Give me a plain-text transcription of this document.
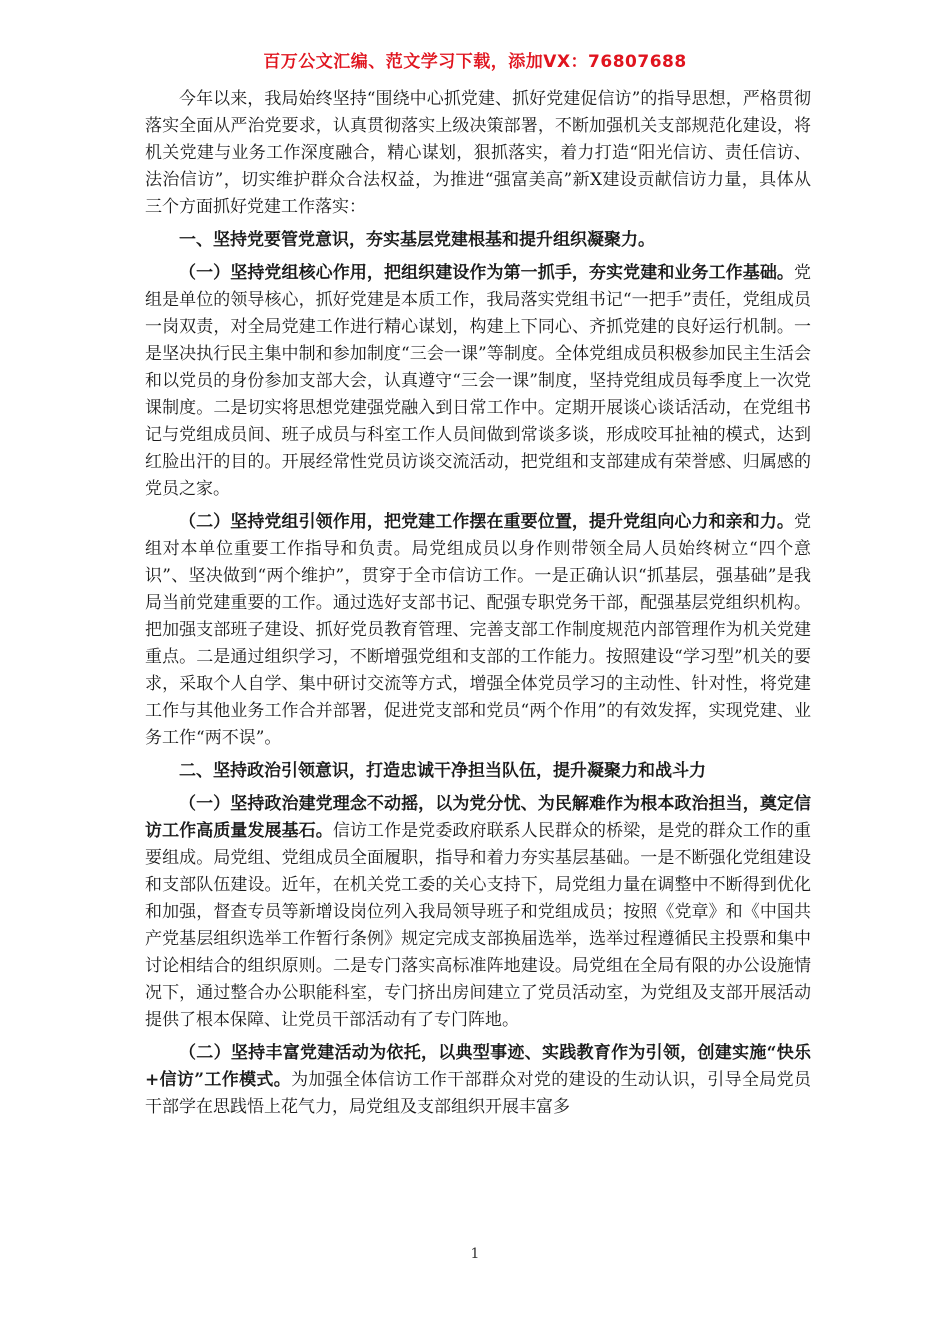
百万公文汇编、范文学习下载，添加VX：76807688

今年以来，我局始终坚持“围绕中心抓党建、抓好党建促信访”的指导思想，严格贯彻落实全面从严治党要求，认真贯彻落实上级决策部署，不断加强机关支部规范化建设，将机关党建与业务工作深度融合，精心谋划，狠抓落实，着力打造“阳光信访、责任信访、法治信访”，切实维护群众合法权益，为推进“强富美高”新X建设贡献信访力量，具体从三个方面抓好党建工作落实：

一、坚持党要管党意识，夯实基层党建根基和提升组织凝聚力。

（一）坚持党组核心作用，把组织建设作为第一抓手，夯实党建和业务工作基础。党组是单位的领导核心，抓好党建是本质工作，我局落实党组书记“一把手”责任，党组成员一岗双责，对全局党建工作进行精心谋划，构建上下同心、齐抓党建的良好运行机制。一是坚决执行民主集中制和参加制度“三会一课”等制度。全体党组成员积极参加民主生活会和以党员的身份参加支部大会，认真遵守“三会一课”制度，坚持党组成员每季度上一次党课制度。二是切实将思想党建强党融入到日常工作中。定期开展谈心谈话活动，在党组书记与党组成员间、班子成员与科室工作人员间做到常谈多谈，形成咬耳扯袖的模式，达到红脸出汗的目的。开展经常性党员访谈交流活动，把党组和支部建成有荣誉感、归属感的党员之家。

（二）坚持党组引领作用，把党建工作摆在重要位置，提升党组向心力和亲和力。党组对本单位重要工作指导和负责。局党组成员以身作则带领全局人员始终树立“四个意识”、坚决做到“两个维护”，贯穿于全市信访工作。一是正确认识“抓基层，强基础”是我局当前党建重要的工作。通过选好支部书记、配强专职党务干部，配强基层党组织机构。把加强支部班子建设、抓好党员教育管理、完善支部工作制度规范内部管理作为机关党建重点。二是通过组织学习，不断增强党组和支部的工作能力。按照建设“学习型”机关的要求，采取个人自学、集中研讨交流等方式，增强全体党员学习的主动性、针对性，将党建工作与其他业务工作合并部署，促进党支部和党员“两个作用”的有效发挥，实现党建、业务工作“两不误”。

二、坚持政治引领意识，打造忠诚干净担当队伍，提升凝聚力和战斗力

（一）坚持政治建党理念不动摇，以为党分忧、为民解难作为根本政治担当，奠定信访工作高质量发展基石。信访工作是党委政府联系人民群众的桥梁，是党的群众工作的重要组成。局党组、党组成员全面履职，指导和着力夯实基层基础。一是不断强化党组建设和支部队伍建设。近年，在机关党工委的关心支持下，局党组力量在调整中不断得到优化和加强，督查专员等新增设岗位列入我局领导班子和党组成员；按照《党章》和《中国共产党基层组织选举工作暂行条例》规定完成支部换届选举，选举过程遵循民主投票和集中讨论相结合的组织原则。二是专门落实高标准阵地建设。局党组在全局有限的办公设施情况下，通过整合办公职能科室，专门挤出房间建立了党员活动室，为党组及支部开展活动提供了根本保障、让党员干部活动有了专门阵地。

（二）坚持丰富党建活动为依托，以典型事迹、实践教育作为引领，创建实施“快乐+信访”工作模式。为加强全体信访工作干部群众对党的建设的生动认识，引导全局党员干部学在思践悟上花气力，局党组及支部组织开展丰富多

1
